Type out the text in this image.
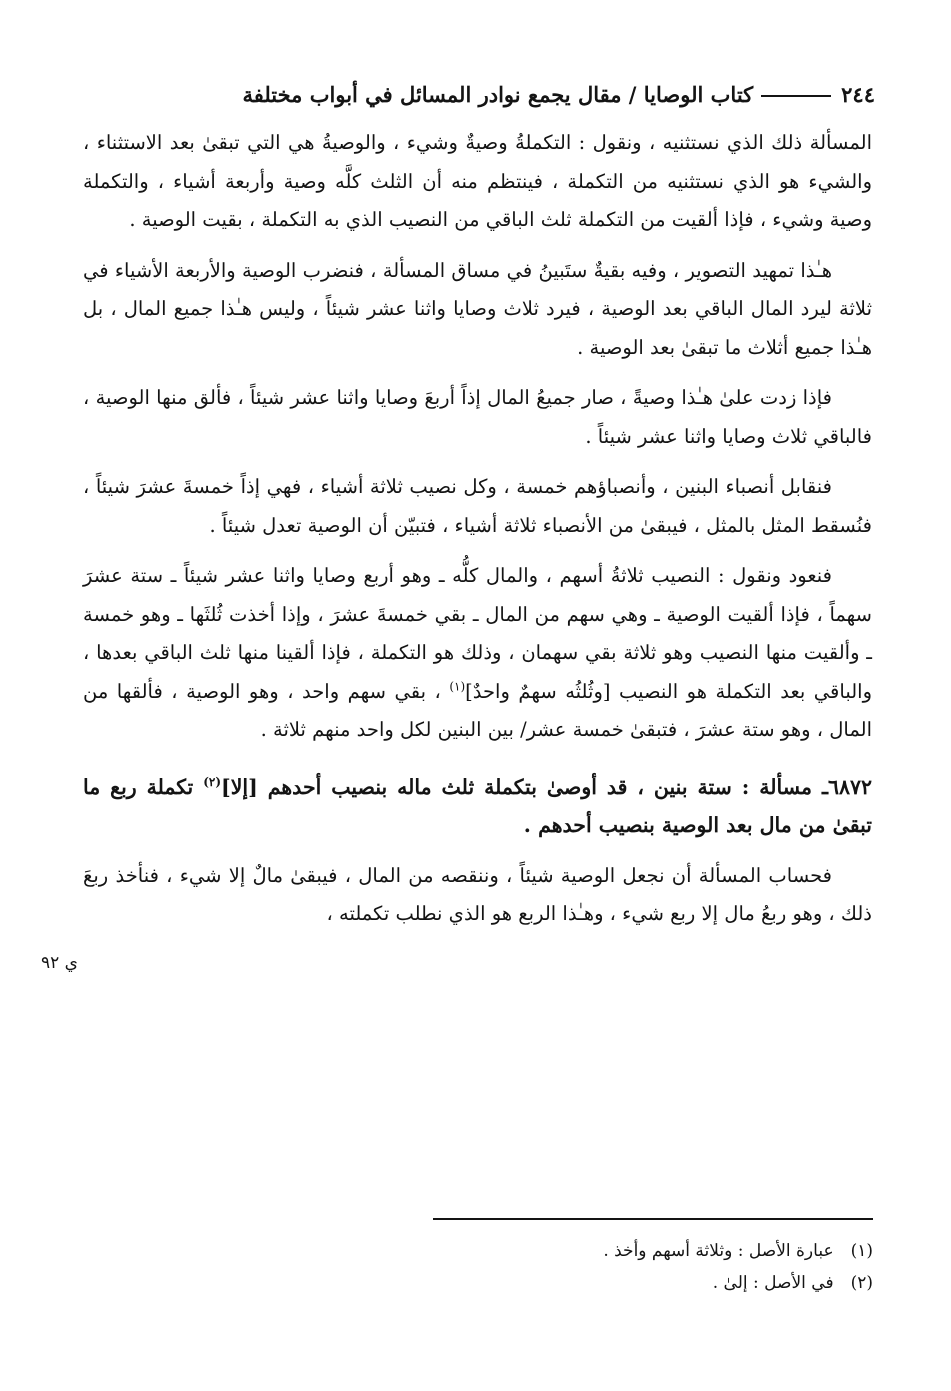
٢٤٤
كتاب الوصايا / مقال يجمع نوادر المسائل في أبواب مختلفة

المسألة ذلك الذي نستثنيه ، ونقول : التكملةُ وصيةٌ وشيء ، والوصيةُ هي التي تبقىٰ بعد الاستثناء ، والشيء هو الذي نستثنيه من التكملة ، فينتظم منه أن الثلث كلَّه وصية وأربعة أشياء ، والتكملة وصية وشيء ، فإذا ألقيت من التكملة ثلث الباقي من النصيب الذي به التكملة ، بقيت الوصية .

هـٰذا تمهيد التصوير ، وفيه بقيةٌ ستَبينُ في مساق المسألة ، فنضرب الوصية والأربعة الأشياء في ثلاثة ليرد المال الباقي بعد الوصية ، فيرد ثلاث وصايا واثنا عشر شيئاً ، وليس هـٰذا جميع المال ، بل هـٰذا جميع أثلاث ما تبقىٰ بعد الوصية .

فإذا زدت علىٰ هـٰذا وصيةً ، صار جميعُ المال إذاً أربعَ وصايا واثنا عشر شيئاً ، فألق منها الوصية ، فالباقي ثلاث وصايا واثنا عشر شيئاً .

فنقابل أنصباء البنين ، وأنصباؤهم خمسة ، وكل نصيب ثلاثة أشياء ، فهي إذاً خمسةَ عشرَ شيئاً ، فنُسقط المثل بالمثل ، فيبقىٰ من الأنصباء ثلاثة أشياء ، فتبيّن أن الوصية تعدل شيئاً .

فنعود ونقول : النصيب ثلاثةُ أسهم ، والمال كلُّه ـ وهو أربع وصايا واثنا عشر شيئاً ـ ستة عشرَ سهماً ، فإذا ألقيت الوصية ـ وهي سهم من المال ـ بقي خمسةَ عشرَ ، وإذا أخذت ثُلثَها ـ وهو خمسة ـ وألقيت منها النصيب وهو ثلاثة بقي سهمان ، وذلك هو التكملة ، فإذا ألقينا منها ثلث الباقي بعدها ، والباقي بعد التكملة هو النصيب [وثُلثُه سهمٌ واحدٌ]$^{(١)}$ ، بقي سهم واحد ، وهو الوصية ، فألقها من المال ، وهو ستة عشرَ ، فتبقىٰ خمسة عشر/ بين البنين لكل واحد منهم ثلاثة .

٦٨٧٢ـ مسألة : ستة بنين ، قد أوصىٰ بتكملة ثلث ماله بنصيب أحدهم [إلا]$^{(٢)}$ تكملة ربع ما تبقىٰ من مال بعد الوصية بنصيب أحدهم .

فحساب المسألة أن نجعل الوصية شيئاً ، وننقصه من المال ، فيبقىٰ مالٌ إلا شيء ، فنأخذ ربعَ ذلك ، وهو ربعُ مال إلا ربع شيء ، وهـٰذا الربع هو الذي نطلب تكملته ،

ي ٩٢
(١) عبارة الأصل : وثلاثة أسهم وأخذ .
(٢) في الأصل : إلىٰ .
